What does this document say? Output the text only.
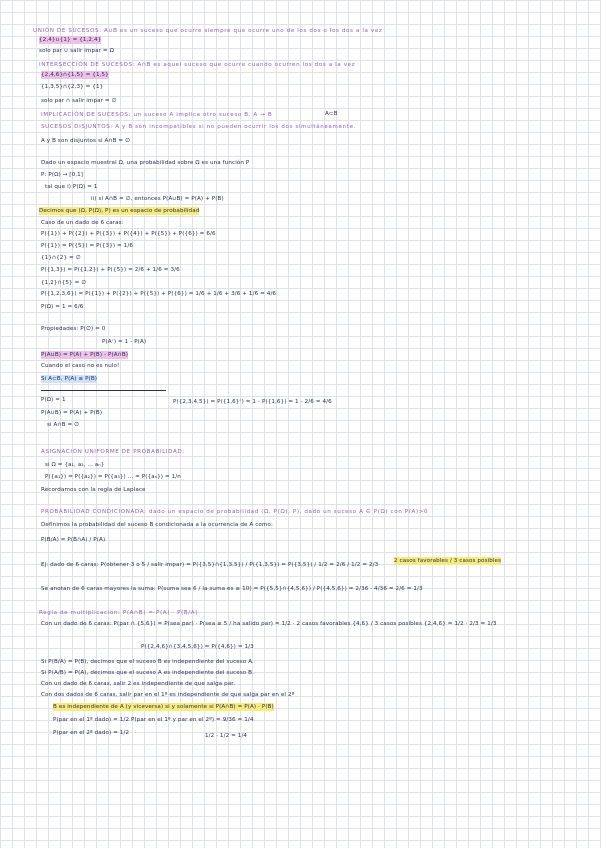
UNIÓN DE SUCESOS: A∪B es un suceso que ocurre siempre que ocurre uno de los dos o los dos a la vez
{2,4}∪{1} = {1,2,4}
solo par ∪ salir impar = Ω
INTERSECCIÓN DE SUCESOS: A∩B es aquel suceso que ocurre cuando ocurren los dos a la vez
{2,4,6}∩{1,5} = {1,5}
{1,3,5}∩{2,3} = {1}
solo par ∩ salir impar = ∅
IMPLICACIÓN DE SUCESOS: un suceso A implica otro suceso B. A → B	A⊂B
SUCESOS DISJUNTOS: A y B son incompatibles si no pueden ocurrir los dos simultáneamente.
A y B son disjuntos si A∩B = ∅
Dado un espacio muestral Ω, una probabilidad sobre Ω es una función P
P: P(Ω) → [0,1]
tal que i) P(Ω) = 1
ii) si A∩B = ∅, entonces P(A∪B) = P(A) + P(B)
Decimos que (Ω, P(Ω), P) es un espacio de probabilidad
Caso de un dado de 6 caras:
P({1}) + P({2}) + P({3}) + P({4}) + P({5}) + P({6}) = 6/6
P({1}) = P({5}) = P({3}) = 1/6
{1}∩{2} = ∅
P({1,3}) = P({1,2}) + P({5}) = 2/6 + 1/6 = 3/6
{1,2}∩{5} = ∅
P({1,2,3,6}) = P({1}) + P({2}) + P({5}) + P({6}) = 1/6 + 1/6 + 3/6 + 1/6 = 4/6
P(Ω) = 1 = 6/6
Propiedades: P(∅) = 0
P(Aᶜ) = 1 - P(A)
P(A∪B) = P(A) + P(B) - P(A∩B)
Cuando el caso no es nulo!
Si A⊂B, P(A) ≤ P(B)
P(Ω) = 1	P({2,3,4,5}) = P({1,6}ᶜ) = 1 - P({1,6}) = 1 - 2/6 = 4/6
P(A∪B) = P(A) + P(B)
si A∩B = ∅
ASIGNACIÓN UNIFORME DE PROBABILIDAD:
si Ω = {a₁, a₂, ... aₙ}
P({a₁}) = P({a₂}) = P({a₃}) ... = P({aₙ}) = 1/n
Recordamos con la regla de Laplace
PROBABILIDAD CONDICIONADA: dado un espacio de probabilidad (Ω, P(Ω), P), dado un suceso A ∈ P(Ω) con P(A)>0
Definimos la probabilidad del suceso B condicionada a la ocurrencia de A como:
P(B/A) = P(B∩A) / P(A)
Ej: dado de 6 caras: P(obtener 3 o 5 / salir impar) = P({3,5}∩{1,3,5}) / P({1,3,5}) = P({3,5}) / 1/2 = 2/6 / 1/2 = 2/3
2 casos favorables / 3 casos posibles
Se anotan de 6 caras mayores la suma: P(suma sea 6 / la suma es ≥ 10) = P({5,5}∩{4,5,6}) / P({4,5,6}) = 2/36 · 4/36 = 2/6 = 1/3
Regla de multiplicación: P(A∩B) = P(A) · P(B/A)
Con un dado de 6 caras: P(par ∩ {5,6}) = P(sea par) · P(sea ≥ 5 / ha salido par) = 1/2 · 2 casos favorables {4,6} / 3 casos posibles {2,4,6} = 1/2 · 2/3 = 1/3
P({2,4,6}∩{3,4,5,6}) = P({4,6}) = 1/3
Si P(B/A) = P(B), decimos que el suceso B es independiente del suceso A.
Si P(A/B) = P(A), decimos que el suceso A es independiente del suceso B.
Con un dado de 6 caras, salir 2 es independiente de que salga par.
Con dos dados de 6 caras, salir par en el 1º es independiente de que salga par en el 2º
B es independiente de A (y viceversa) si y solamente si P(A∩B) = P(A) · P(B)
P(par en el 1º dado) = 1/2 P(par en el 1º y par en el 2º) = 9/36 = 1/4
P(par en el 2º dado) = 1/2	1/2 · 1/2 = 1/4
